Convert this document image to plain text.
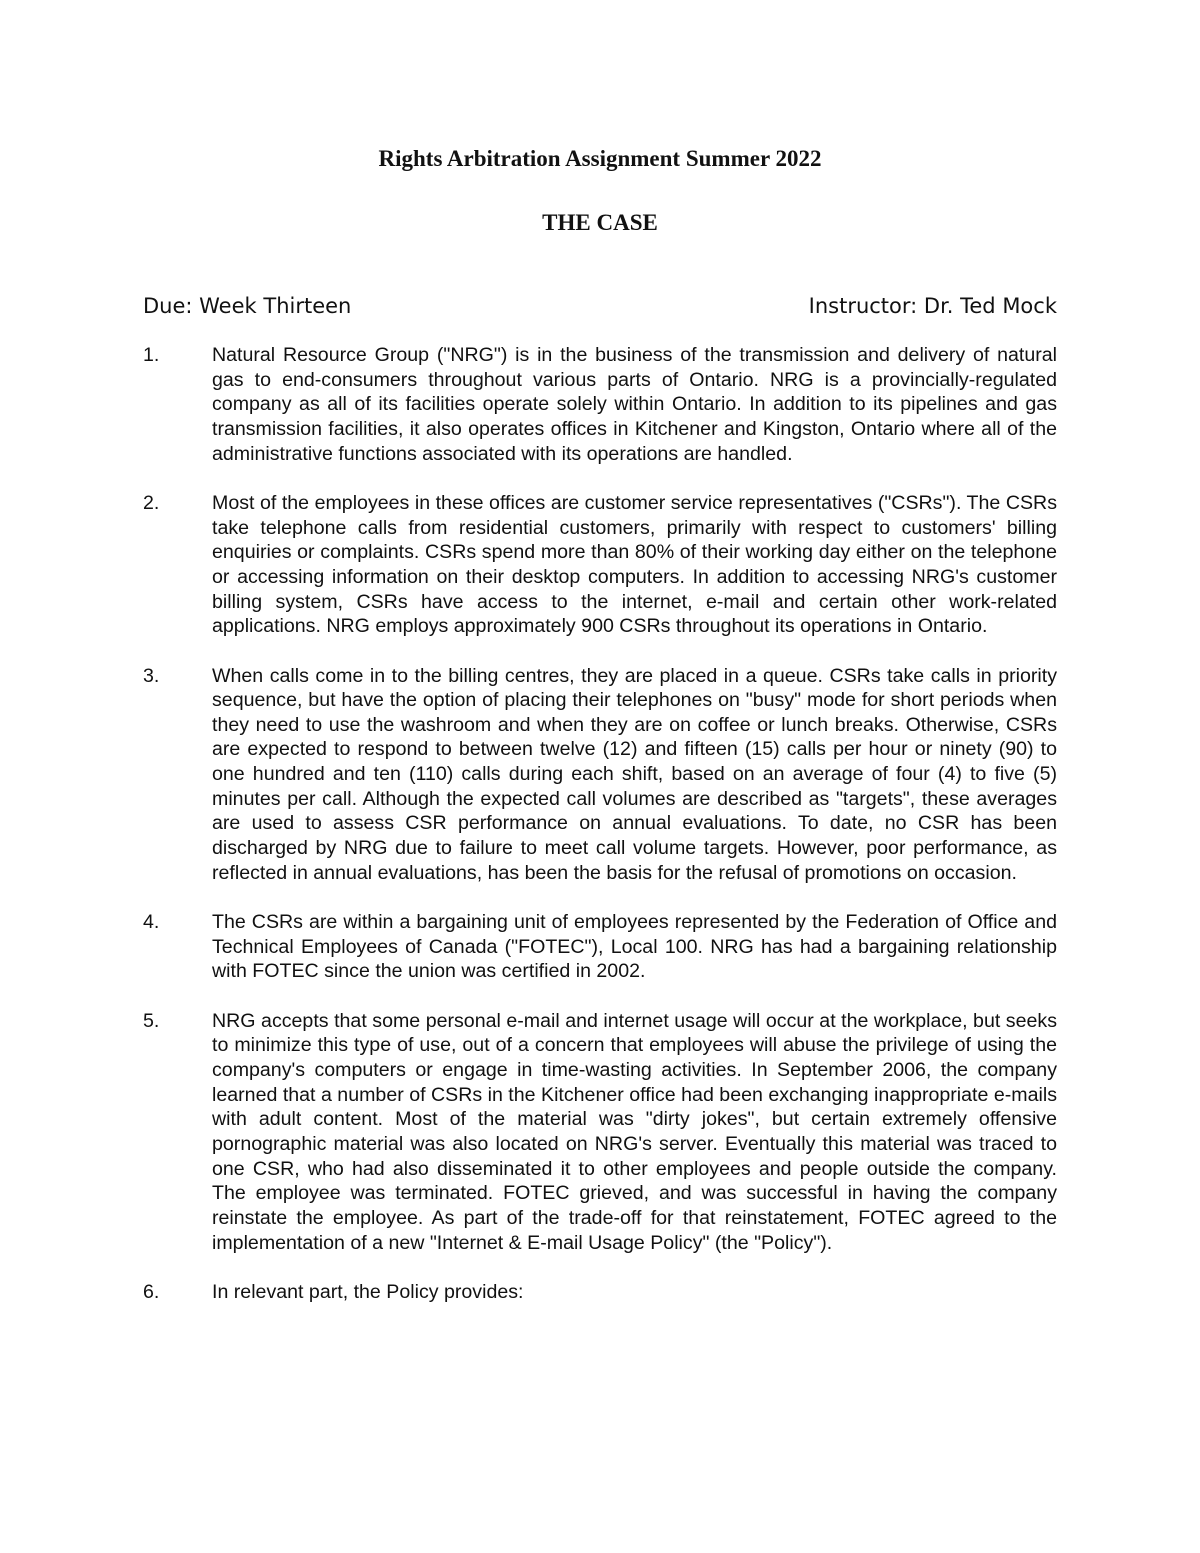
Rights Arbitration Assignment Summer 2022
THE CASE
Due: Week Thirteen	Instructor: Dr. Ted Mock
1.	Natural Resource Group ("NRG") is in the business of the transmission and delivery of natural gas to end-consumers throughout various parts of Ontario. NRG is a provincially-regulated company as all of its facilities operate solely within Ontario. In addition to its pipelines and gas transmission facilities, it also operates offices in Kitchener and Kingston, Ontario where all of the administrative functions associated with its operations are handled.
2.	Most of the employees in these offices are customer service representatives ("CSRs"). The CSRs take telephone calls from residential customers, primarily with respect to customers' billing enquiries or complaints. CSRs spend more than 80% of their working day either on the telephone or accessing information on their desktop computers. In addition to accessing NRG's customer billing system, CSRs have access to the internet, e-mail and certain other work-related applications. NRG employs approximately 900 CSRs throughout its operations in Ontario.
3.	When calls come in to the billing centres, they are placed in a queue. CSRs take calls in priority sequence, but have the option of placing their telephones on "busy" mode for short periods when they need to use the washroom and when they are on coffee or lunch breaks. Otherwise, CSRs are expected to respond to between twelve (12) and fifteen (15) calls per hour or ninety (90) to one hundred and ten (110) calls during each shift, based on an average of four (4) to five (5) minutes per call. Although the expected call volumes are described as "targets", these averages are used to assess CSR performance on annual evaluations. To date, no CSR has been discharged by NRG due to failure to meet call volume targets. However, poor performance, as reflected in annual evaluations, has been the basis for the refusal of promotions on occasion.
4.	The CSRs are within a bargaining unit of employees represented by the Federation of Office and Technical Employees of Canada ("FOTEC"), Local 100. NRG has had a bargaining relationship with FOTEC since the union was certified in 2002.
5.	NRG accepts that some personal e-mail and internet usage will occur at the workplace, but seeks to minimize this type of use, out of a concern that employees will abuse the privilege of using the company's computers or engage in time-wasting activities. In September 2006, the company learned that a number of CSRs in the Kitchener office had been exchanging inappropriate e-mails with adult content. Most of the material was "dirty jokes", but certain extremely offensive pornographic material was also located on NRG's server. Eventually this material was traced to one CSR, who had also disseminated it to other employees and people outside the company. The employee was terminated. FOTEC grieved, and was successful in having the company reinstate the employee. As part of the trade-off for that reinstatement, FOTEC agreed to the implementation of a new "Internet & E-mail Usage Policy" (the "Policy").
6.	In relevant part, the Policy provides:
